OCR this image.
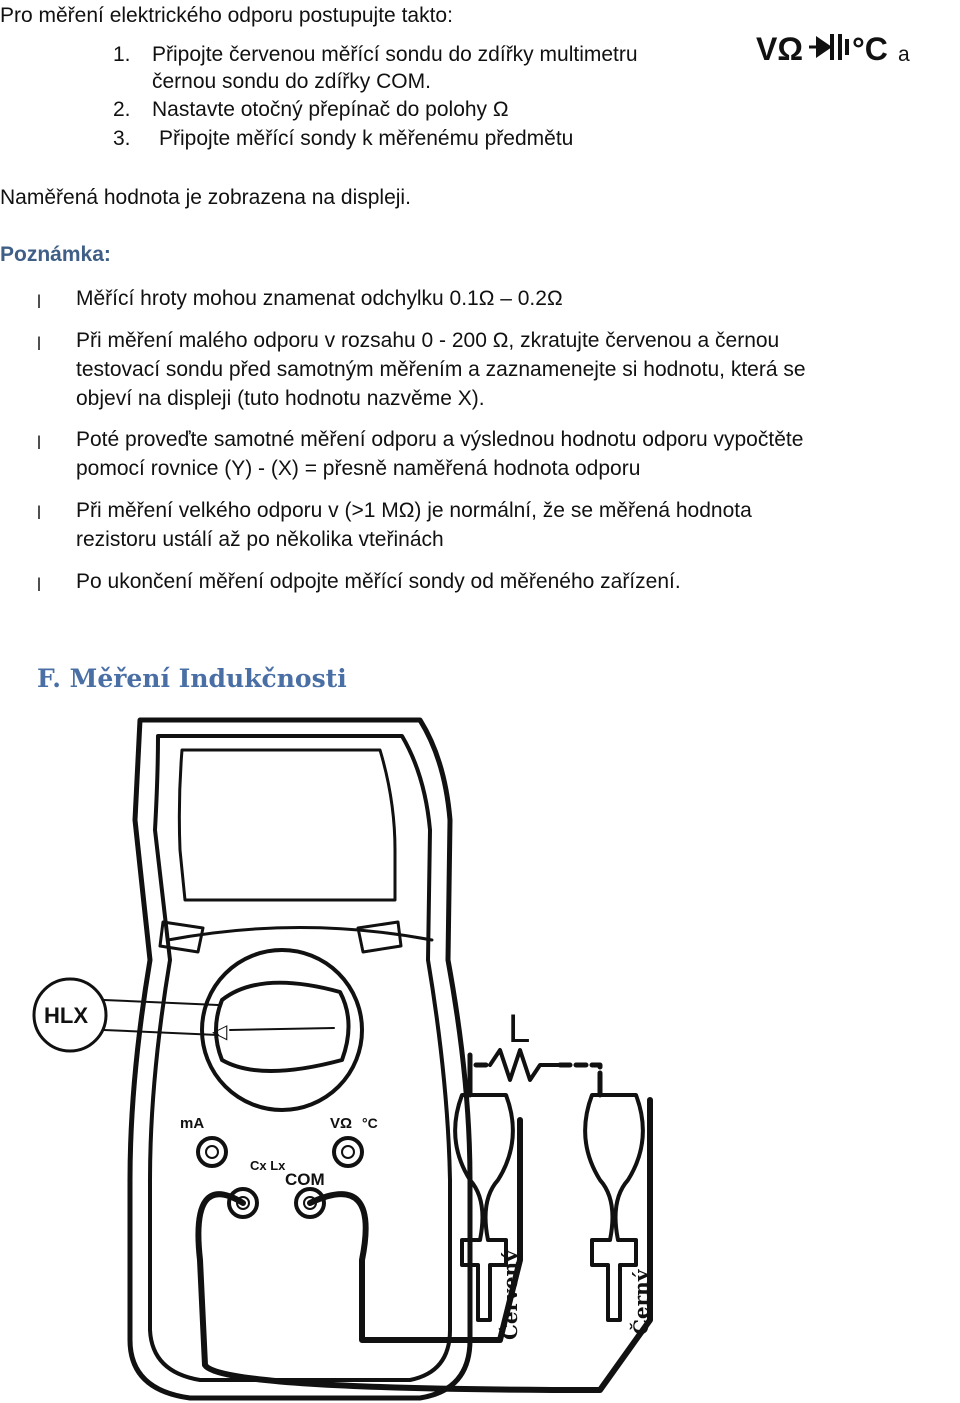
Pro měření elektrického odporu postupujte takto:
1. Připojte červenou měřící sondu do zdířky multimetru	a
černou sondu do zdířky COM.
2. Nastavte otočný přepínač do polohy Ω
3. Připojte měřící sondy k měřenému předmětu
VΩ °C
Naměřená hodnota je zobrazena na displeji.
Poznámka:
l Měřící hroty mohou znamenat odchylku 0.1Ω – 0.2Ω
l Při měření malého odporu v rozsahu 0 - 200 Ω, zkratujte červenou a černou
testovací sondu před samotným měřením a zaznamenejte si hodnotu, která se
objeví na displeji (tuto hodnotu nazvěme X).
l Poté proveďte samotné měření odporu a výslednou hodnotu odporu vypočtěte
pomocí rovnice (Y) - (X) = přesně naměřená hodnota odporu
l Při měření velkého odporu v (>1 MΩ) je normální, že se měřená hodnota
rezistoru ustálí až po několika vteřinách
l Po ukončení měření odpojte měřící sondy od měřeného zařízení.
F. Měření Indukčnosti
HLX
◁	L
mA	VΩ °C
Cx Lx
COM
Červený	Černý
